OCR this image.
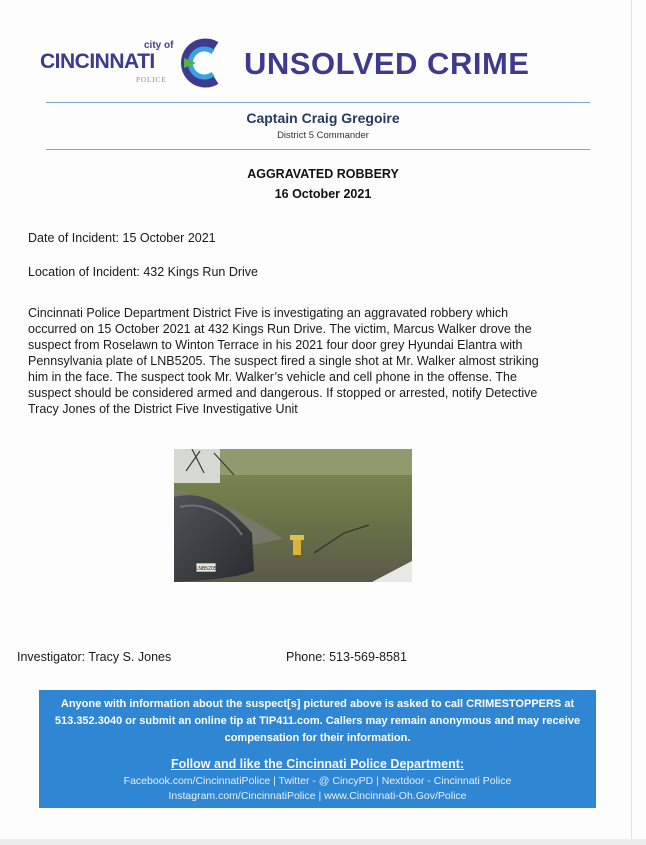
city of
CINCINNATI
POLICE	UNSOLVED CRIME
Captain Craig Gregoire
District 5 Commander
AGGRAVATED ROBBERY
16 October 2021
Date of Incident: 15 October 2021
Location of Incident: 432 Kings Run Drive
Cincinnati Police Department District Five is investigating an aggravated robbery which
occurred on 15 October 2021 at 432 Kings Run Drive. The victim, Marcus Walker drove the
suspect from Roselawn to Winton Terrace in his 2021 four door grey Hyundai Elantra with
Pennsylvania plate of LNB5205. The suspect fired a single shot at Mr. Walker almost striking
him in the face. The suspect took Mr. Walker’s vehicle and cell phone in the offense. The
suspect should be considered armed and dangerous. If stopped or arrested, notify Detective
Tracy Jones of the District Five Investigative Unit
LNB5205
Investigator: Tracy S. Jones	Phone: 513-569-8581
Anyone with information about the suspect[s] pictured above is asked to call CRIMESTOPPERS at
513.352.3040 or submit an online tip at TIP411.com. Callers may remain anonymous and may receive
compensation for their information.
Follow and like the Cincinnati Police Department:
Facebook.com/CincinnatiPolice | Twitter - @ CincyPD | Nextdoor - Cincinnati Police
Instagram.com/CincinnatiPolice | www.Cincinnati-Oh.Gov/Police
